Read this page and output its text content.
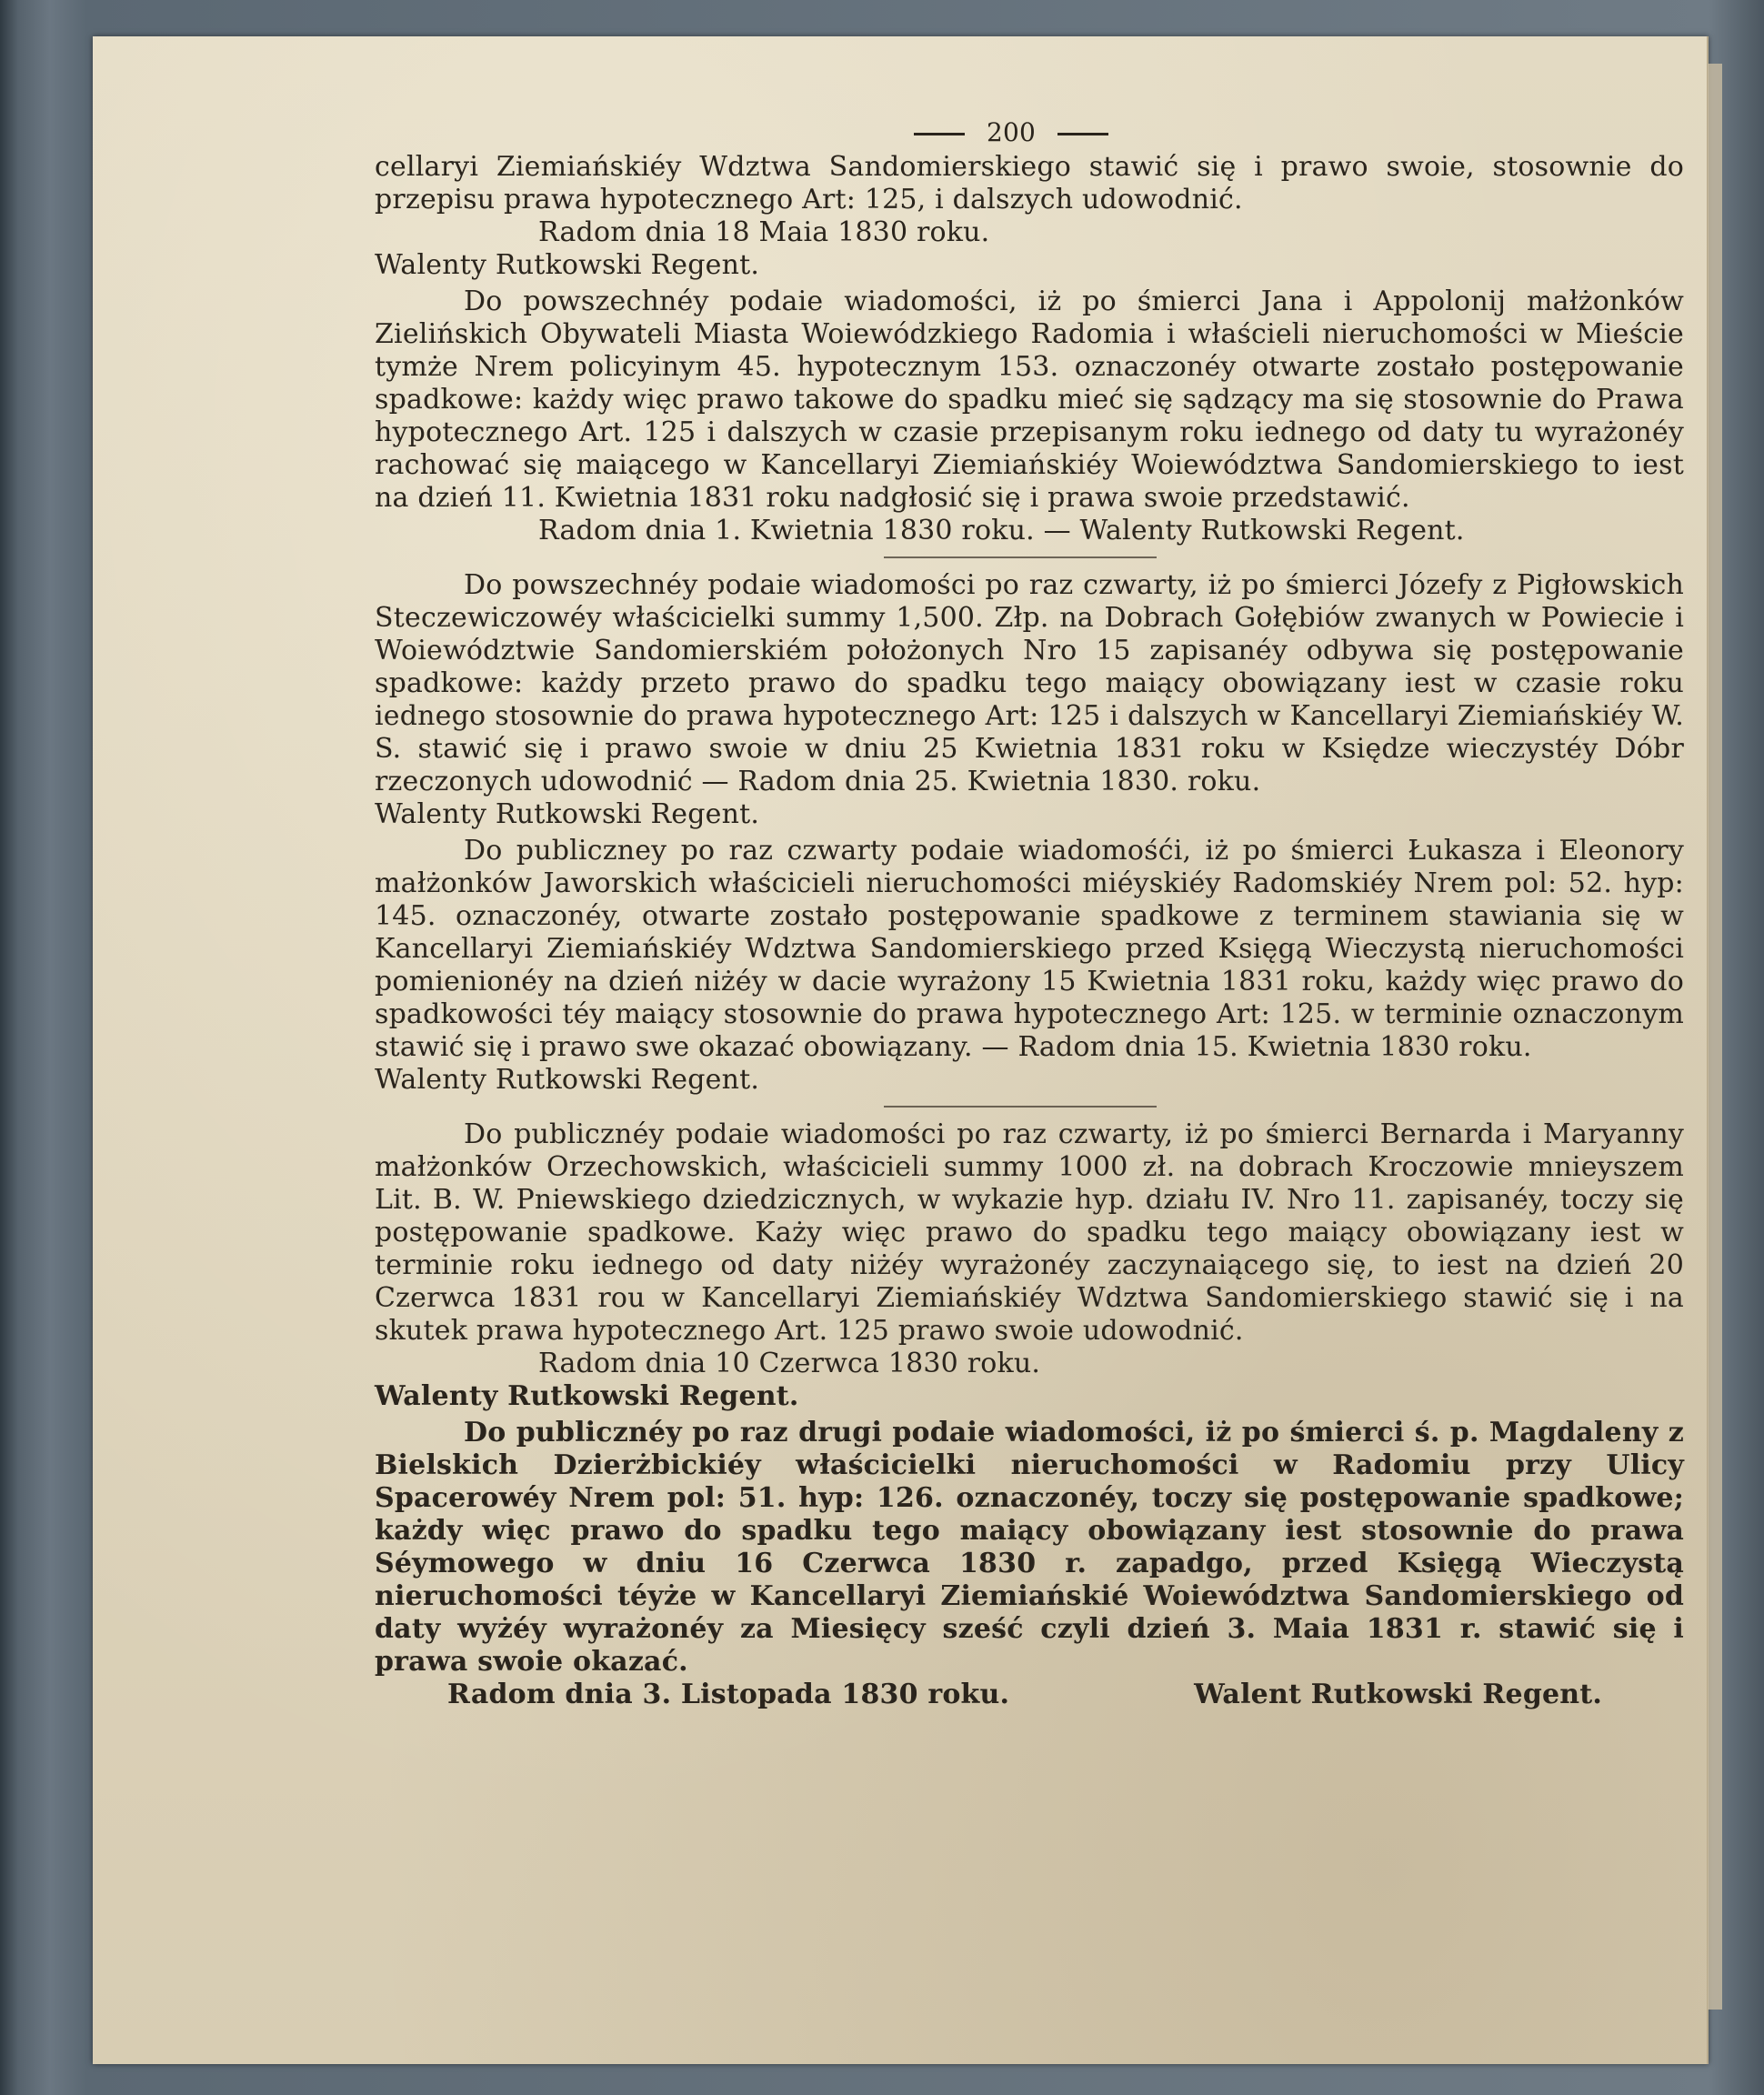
200

cellaryi Ziemiańskiéy Wdztwa Sandomierskiego stawić się i prawo swoie, stosownie do przepisu prawa hypotecznego Art: 125, i dalszych udowodnić.

Radom dnia 18 Maia 1830 roku.

Walenty Rutkowski Regent.

Do powszechnéy podaie wiadomości, iż po śmierci Jana i Appolonij małżonków Zielińskich Obywateli Miasta Woiewódzkiego Radomia i właścieli nieruchomości w Mieście tymże Nrem policyinym 45. hypotecznym 153. oznaczonéy otwarte zostało postępowanie spadkowe: każdy więc prawo takowe do spadku mieć się sądzący ma się stosownie do Prawa hypotecznego Art. 125 i dalszych w czasie przepisanym roku iednego od daty tu wyrażonéy rachować się maiącego w Kancellaryi Ziemiańskiéy Woiewództwa Sandomierskiego to iest na dzień 11. Kwietnia 1831 roku nadgłosić się i prawa swoie przedstawić.

Radom dnia 1. Kwietnia 1830 roku. — Walenty Rutkowski Regent.

Do powszechnéy podaie wiadomości po raz czwarty, iż po śmierci Józefy z Pigłowskich Steczewiczowéy właścicielki summy 1,500. Złp. na Dobrach Gołębiów zwanych w Powiecie i Woiewództwie Sandomierskiém położonych Nro 15 zapisanéy odbywa się postępowanie spadkowe: każdy przeto prawo do spadku tego maiący obowiązany iest w czasie roku iednego stosownie do prawa hypotecznego Art: 125 i dalszych w Kancellaryi Ziemiańskiéy W. S. stawić się i prawo swoie w dniu 25 Kwietnia 1831 roku w Księdze wieczystéy Dóbr rzeczonych udowodnić — Radom dnia 25. Kwietnia 1830. roku.

Walenty Rutkowski Regent.

Do publiczney po raz czwarty podaie wiadomośći, iż po śmierci Łukasza i Eleonory małżonków Jaworskich właścicieli nieruchomości miéyskiéy Radomskiéy Nrem pol: 52. hyp: 145. oznaczonéy, otwarte zostało postępowanie spadkowe z terminem stawiania się w Kancellaryi Ziemiańskiéy Wdztwa Sandomierskiego przed Księgą Wieczystą nieruchomości pomienionéy na dzień niżéy w dacie wyrażony 15 Kwietnia 1831 roku, każdy więc prawo do spadkowości téy maiący stosownie do prawa hypotecznego Art: 125. w terminie oznaczonym stawić się i prawo swe okazać obowiązany. — Radom dnia 15. Kwietnia 1830 roku.

Walenty Rutkowski Regent.

Do publicznéy podaie wiadomości po raz czwarty, iż po śmierci Bernarda i Maryanny małżonków Orzechowskich, właścicieli summy 1000 zł. na dobrach Kroczowie mnieyszem Lit. B. W. Pniewskiego dziedzicznych, w wykazie hyp. działu IV. Nro 11. zapisanéy, toczy się postępowanie spadkowe. Każy więc prawo do spadku tego maiący obowiązany iest w terminie roku iednego od daty niżéy wyrażonéy zaczynaiącego się, to iest na dzień 20 Czerwca 1831 rou w Kancellaryi Ziemiańskiéy Wdztwa Sandomierskiego stawić się i na skutek prawa hypotecznego Art. 125 prawo swoie udowodnić.

Radom dnia 10 Czerwca 1830 roku.

Walenty Rutkowski Regent.

Do publicznéy po raz drugi podaie wiadomości, iż po śmierci ś. p. Magdaleny z Bielskich Dzierżbickiéy właścicielki nieruchomości w Radomiu przy Ulicy Spacerowéy Nrem pol: 51. hyp: 126. oznaczonéy, toczy się postępowanie spadkowe; każdy więc prawo do spadku tego maiący obowiązany iest stosownie do prawa Séymowego w dniu 16 Czerwca 1830 r. zapadgo, przed Księgą Wieczystą nieruchomości téyże w Kancellaryi Ziemiańskié Woiewództwa Sandomierskiego od daty wyżéy wyrażonéy za Miesięcy sześć czyli dzień 3. Maia 1831 r. stawić się i prawa swoie okazać.

Radom dnia 3. Listopada 1830 roku.	Walent Rutkowski Regent.
